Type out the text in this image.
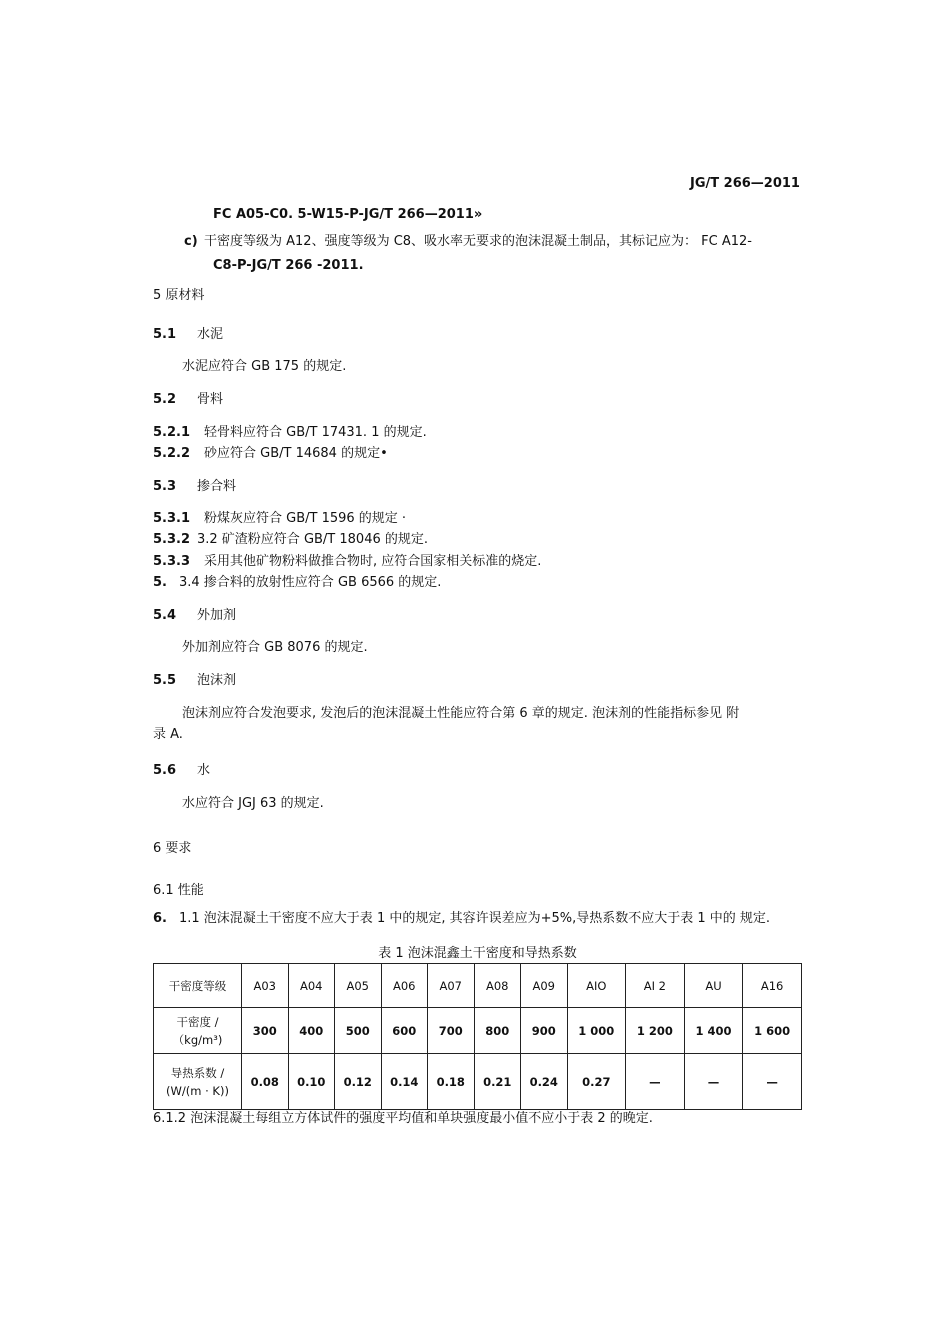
JG/T 266—2011
FC A05-C0. 5-W15-P-JG/T 266—2011»
c) 干密度等级为 A12、强度等级为 C8、吸水率无要求的泡沫混凝土制品，其标记应为： FC A12-
C8-P-JG/T 266 -2011.
5 原材料
5.1 水泥
水泥应符合 GB 175 的规定.
5.2 骨料
5.2.1 轻骨料应符合 GB/T 17431. 1 的规定.
5.2.2 砂应符合 GB/T 14684 的规定•
5.3 掺合料
5.3.1 粉煤灰应符合 GB/T 1596 的规定 ·
5.3.2 3.2 矿渣粉应符合 GB/T 18046 的规定.
5.3.3 采用其他矿物粉料做推合物时, 应符合国家相关标准的烧定.
5. 3.4 掺合料的放射性应符合 GB 6566 的规定.
5.4 外加剂
外加剂应符合 GB 8076 的规定.
5.5 泡沫剂
泡沫剂应符合发泡要求, 发泡后的泡沫混凝土性能应符合第 6 章的规定. 泡沫剂的性能指标参见 附
录 A.
5.6 水
水应符合 JGJ 63 的规定.
6 要求
6.1 性能
6. 1.1 泡沫混凝土干密度不应大于表 1 中的规定, 其容许误差应为+5%,导热系数不应大于表 1 中的 规定.
表 1 泡沫混鑫土干密度和导热系数
干密度等级	A03	A04	A05	A06	A07	A08	A09	AIO	AI 2	AU	A16
干密度 /（kg/m³)	300	400	500	600	700	800	900	1 000	1 200	1 400	1 600

导热系数 /
(W/(m · K))	0.08	0.10	0.12	0.14	0.18	0.21	0.24	0.27	—	—	—
6.1.2 泡沫混凝土每组立方体试件的强度平均值和单块强度最小值不应小于表 2 的晚定.
